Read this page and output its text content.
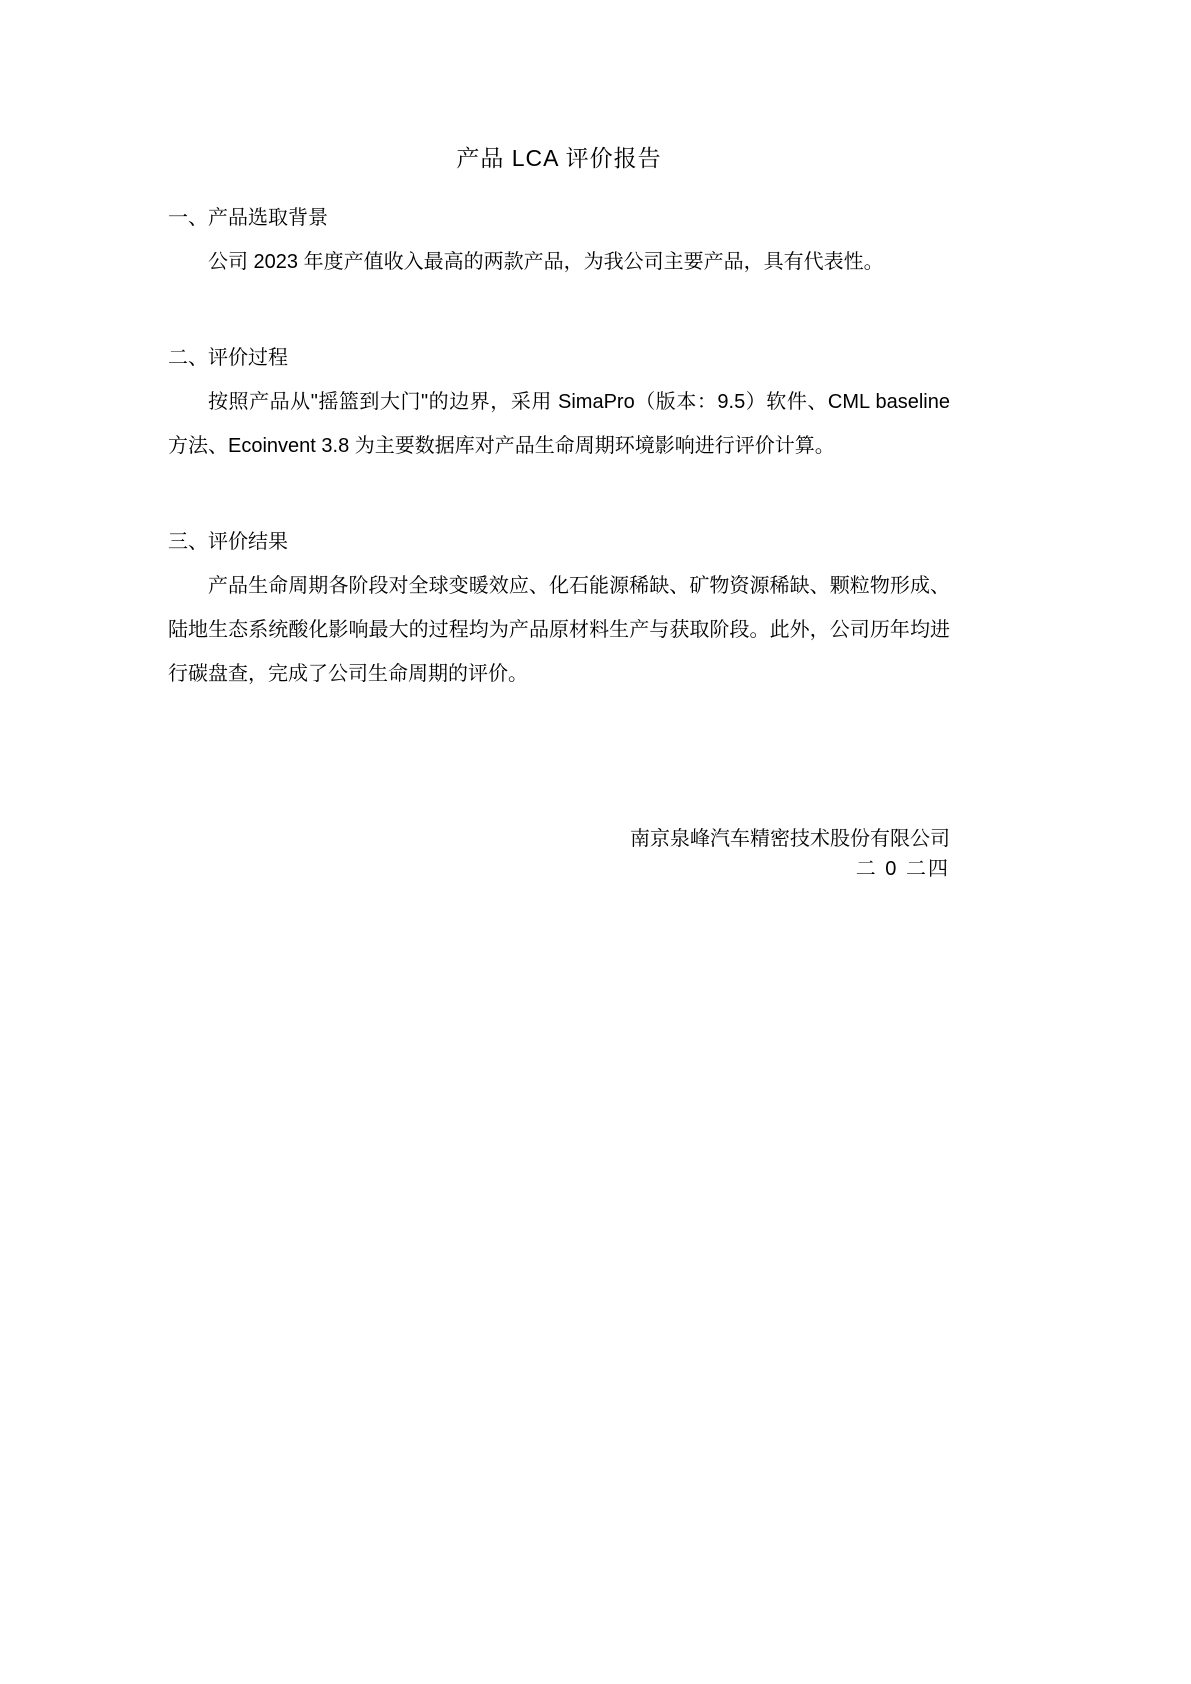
产品 LCA 评价报告
一、产品选取背景

公司 2023 年度产值收入最高的两款产品，为我公司主要产品，具有代表性。

二、评价过程

按照产品从"摇篮到大门"的边界，采用 SimaPro（版本：9.5）软件、CML baseline 方法、Ecoinvent 3.8 为主要数据库对产品生命周期环境影响进行评价计算。

三、评价结果

产品生命周期各阶段对全球变暖效应、化石能源稀缺、矿物资源稀缺、颗粒物形成、陆地生态系统酸化影响最大的过程均为产品原材料生产与获取阶段。此外，公司历年均进行碳盘查，完成了公司生命周期的评价。

南京泉峰汽车精密技术股份有限公司
二 0 二四
